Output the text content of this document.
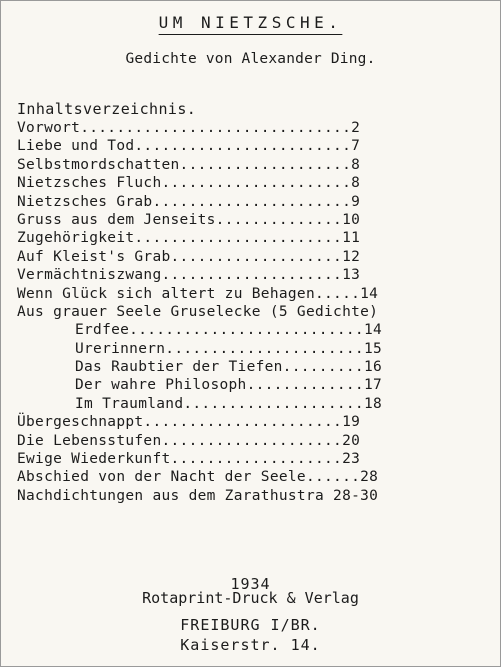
UM NIETZSCHE.
Gedichte von Alexander Ding.
Inhaltsverzeichnis.
Vorwort..............................2
Liebe und Tod........................7
Selbstmordschatten...................8
Nietzsches Fluch.....................8
Nietzsches Grab......................9
Gruss aus dem Jenseits..............10
Zugehörigkeit.......................11
Auf Kleist's Grab...................12
Vermächtniszwang....................13
Wenn Glück sich altert zu Behagen.....14
Aus grauer Seele Gruselecke (5 Gedichte)
Erdfee..........................14
Urerinnern......................15
Das Raubtier der Tiefen.........16
Der wahre Philosoph.............17
Im Traumland....................18
Übergeschnappt......................19
Die Lebensstufen....................20
Ewige Wiederkunft...................23
Abschied von der Nacht der Seele......28
Nachdichtungen aus dem Zarathustra 28-30
1934
Rotaprint-Druck & Verlag
FREIBURG I/BR.
Kaiserstr. 14.
